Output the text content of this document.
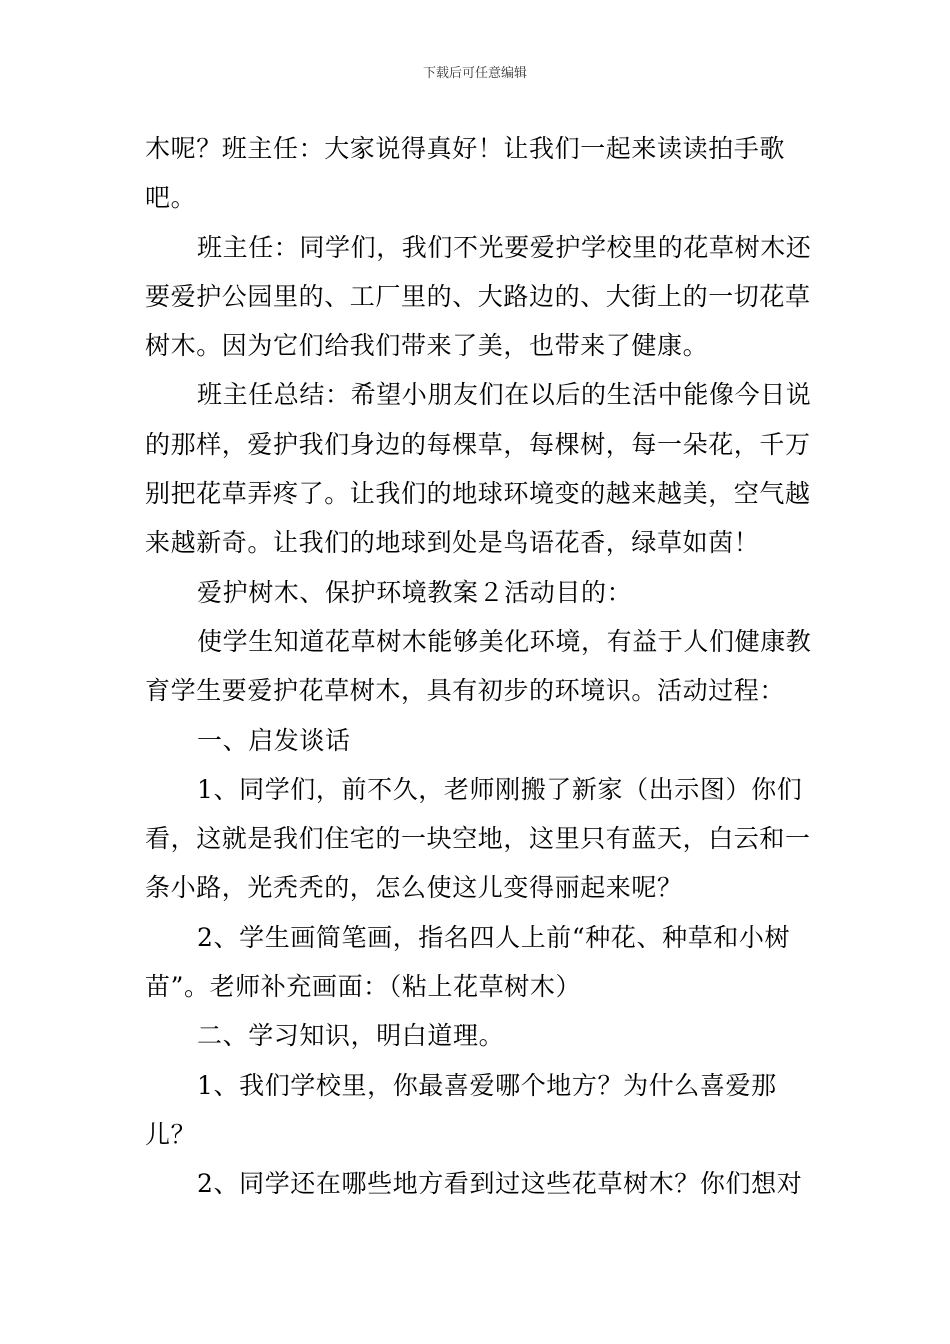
下载后可任意编辑

木呢？班主任：大家说得真好！让我们一起来读读拍手歌吧。

班主任：同学们，我们不光要爱护学校里的花草树木还要爱护公园里的、工厂里的、大路边的、大街上的一切花草树木。因为它们给我们带来了美，也带来了健康。

班主任总结：希望小朋友们在以后的生活中能像今日说的那样，爱护我们身边的每棵草，每棵树，每一朵花，千万别把花草弄疼了。让我们的地球环境变的越来越美，空气越来越新奇。让我们的地球到处是鸟语花香，绿草如茵！

爱护树木、保护环境教案２活动目的：

使学生知道花草树木能够美化环境，有益于人们健康教育学生要爱护花草树木，具有初步的环境识。活动过程：

一、启发谈话

1、同学们，前不久，老师刚搬了新家（出示图）你们看，这就是我们住宅的一块空地，这里只有蓝天，白云和一条小路，光秃秃的，怎么使这儿变得丽起来呢？

2、学生画简笔画，指名四人上前“种花、种草和小树苗”。老师补充画面：（粘上花草树木）

二、学习知识，明白道理。

1、我们学校里，你最喜爱哪个地方？为什么喜爱那儿？

2、同学还在哪些地方看到过这些花草树木？你们想对
